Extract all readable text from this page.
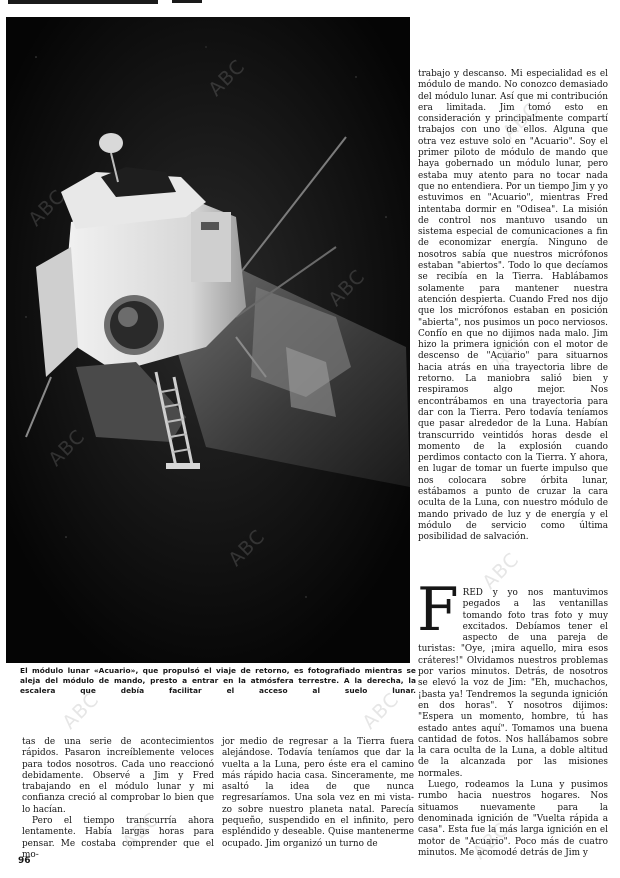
El módulo lunar «Acuario», que propulsó el viaje de retorno, es fotografiado mientras se aleja del módulo de mando, presto a entrar en la atmósfera terrestre. A la derecha, la escalera que debía facilitar el acceso al suelo lunar.

trabajo y descanso. Mi especialidad es el módulo de mando. No conozco demasiado del módulo lunar. Así que mi contribución era limitada. Jim tomó esto en consideración y principalmente compartí trabajos con uno de ellos. Alguna que otra vez estuve solo en "Acuario". Soy el primer piloto de módulo de mando que haya gobernado un módulo lunar, pero estaba muy atento para no tocar nada que no entendiera. Por un tiempo Jim y yo estuvimos en "Acuario", mientras Fred intentaba dormir en "Odisea". La misión de control nos mantuvo usando un sistema especial de comunicaciones a fin de economizar energía. Ninguno de nosotros sabía que nuestros micrófonos estaban "abiertos". Todo lo que decíamos se recibía en la Tierra. Hablábamos solamente para mantener nuestra atención despierta. Cuando Fred nos dijo que los micrófonos estaban en posición "abierta", nos pusimos un poco nerviosos. Confío en que no dijimos nada malo. Jim hizo la primera ignición con el motor de descenso de "Acuario" para situarnos hacia atrás en una trayectoria libre de retorno. La maniobra salió bien y respiramos algo mejor. Nos encontrábamos en una trayectoria para dar con la Tierra. Pero todavía teníamos que pasar alrededor de la Luna. Habían transcurrido veintidós horas desde el momento de la explosión cuando perdimos contacto con la Tierra. Y ahora, en lugar de tomar un fuerte impulso que nos colocara sobre órbita lunar, estábamos a punto de cruzar la cara oculta de la Luna, con nuestro módulo de mando privado de luz y de energía y el módulo de servicio como última posibilidad de salvación.

FRED y yo nos mantuvimos pegados a las ventanillas tomando foto tras foto y muy excitados. Debíamos tener el aspecto de una pareja de turistas: "Oye, ¡mira aquello, mira esos cráteres!" Olvidamos nuestros problemas por varios minutos. Detrás, de nosotros se elevó la voz de Jim: "Eh, muchachos, ¡basta ya! Tendremos la segunda ignición en dos horas". Y nosotros dijimos: "Espera un momento, hombre, tú has estado antes aquí". Tomamos una buena cantidad de fotos. Nos hallábamos sobre la cara oculta de la Luna, a doble altitud de la alcanzada por las misiones normales.

Luego, rodeamos la Luna y pusimos rumbo hacia nuestros hogares. Nos situamos nuevamente para la denominada ignición de "Vuelta rápida a casa". Esta fue la más larga ignición en el motor de "Acuario". Poco más de cuatro minutos. Me acomodé detrás de Jim y

tas de una serie de acontecimientos rápidos. Pasaron increíblemente veloces para todos nosotros. Cada uno reaccionó debidamente. Observé a Jim y Fred trabajando en el módulo lunar y mi confianza creció al comprobar lo bien que lo hacían.

Pero el tiempo transcurría ahora lentamente. Había largas horas para pensar. Me costaba comprender que el mo-

jor medio de regresar a la Tierra fuera alejándose. Todavía teníamos que dar la vuelta a la Luna, pero éste era el camino más rápido hacia casa. Sinceramente, me asaltó la idea de que nunca regresaríamos. Una sola vez en mi vista-zo sobre nuestro planeta natal. Parecía pequeño, suspendido en el infinito, pero espléndido y deseable. Quise mantenerme ocupado. Jim organizó un turno de

96
ABC
ABC	ABC
ABC	ABC
ABC
ABC
